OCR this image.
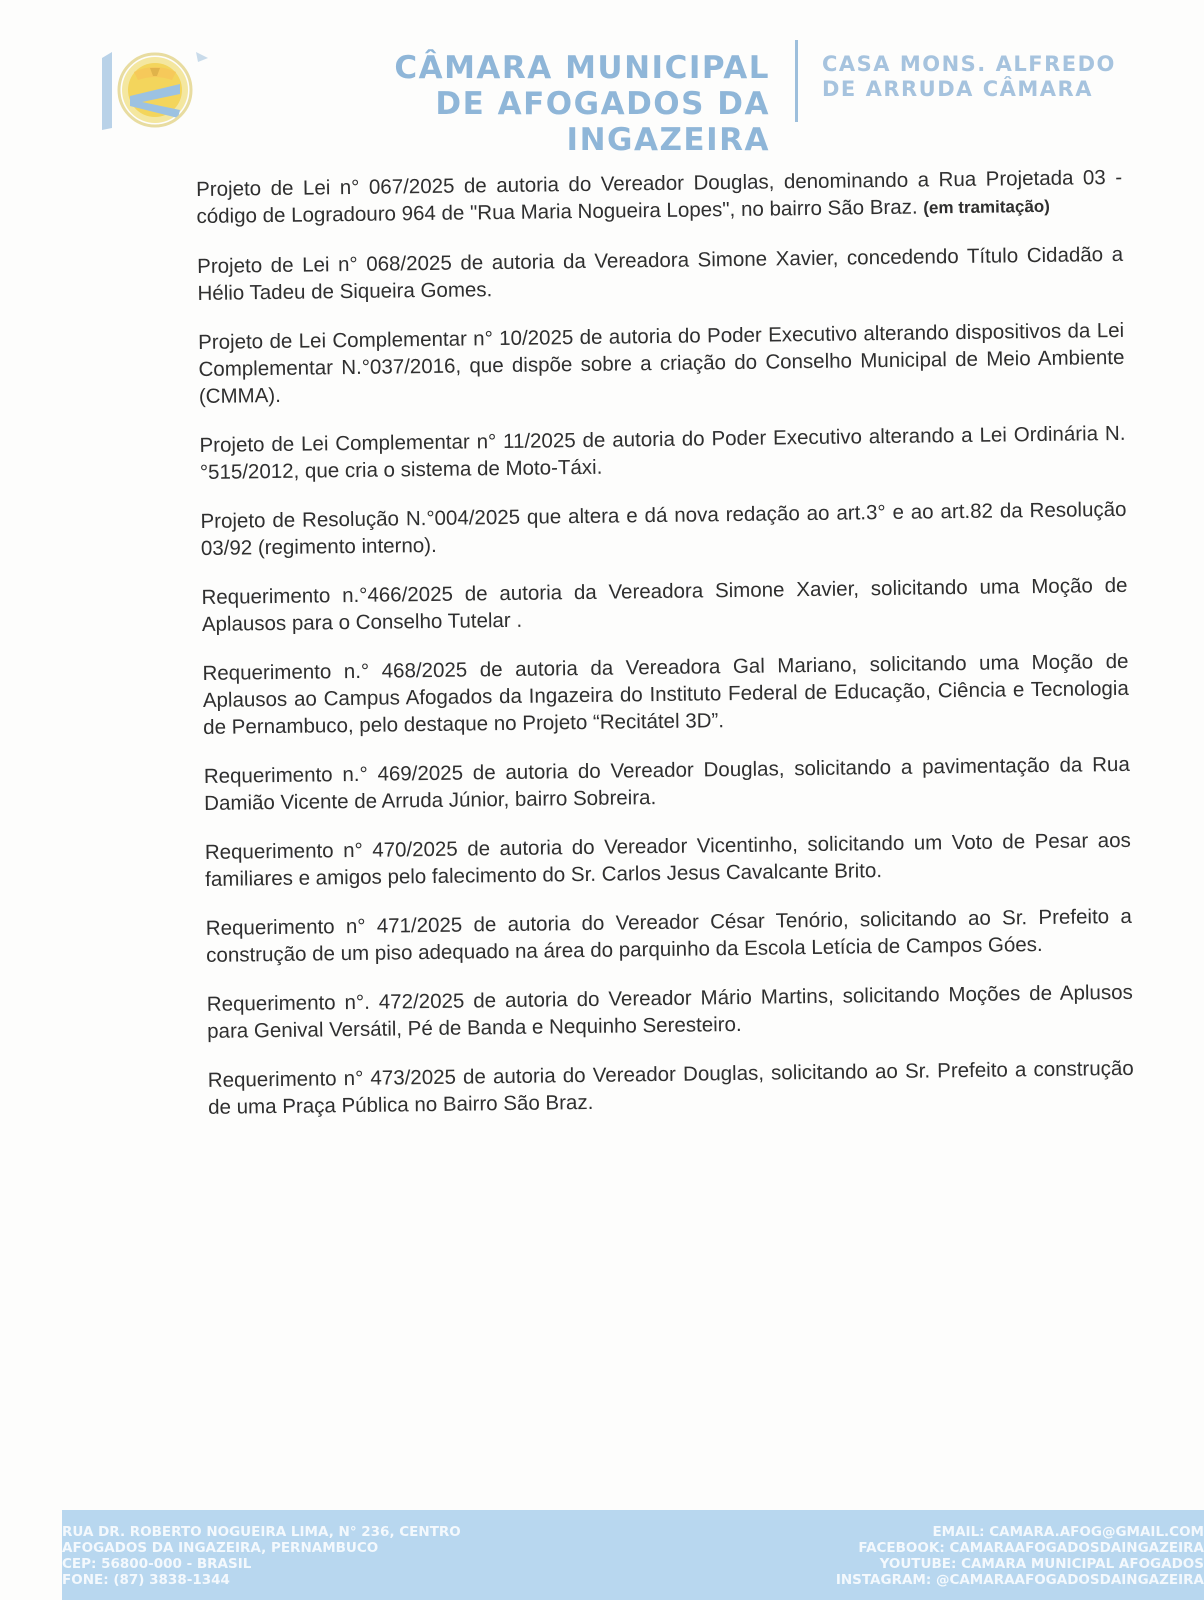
CÂMARA MUNICIPAL
DE AFOGADOS DA INGAZEIRA
CASA MONS. ALFREDO
DE ARRUDA CÂMARA

Projeto de Lei n° 067/2025 de autoria do Vereador Douglas, denominando a Rua Projetada 03 - código de Logradouro 964 de "Rua Maria Nogueira Lopes", no bairro São Braz. (em tramitação)

Projeto de Lei n° 068/2025 de autoria da Vereadora Simone Xavier, concedendo Título Cidadão a Hélio Tadeu de Siqueira Gomes.

Projeto de Lei Complementar n° 10/2025 de autoria do Poder Executivo alterando dispositivos da Lei Complementar N.°037/2016, que dispõe sobre a criação do Conselho Municipal de Meio Ambiente (CMMA).

Projeto de Lei Complementar n° 11/2025 de autoria do Poder Executivo alterando a Lei Ordinária N.°515/2012, que cria o sistema de Moto-Táxi.

Projeto de Resolução N.°004/2025 que altera e dá nova redação ao art.3° e ao art.82 da Resolução 03/92 (regimento interno).

Requerimento n.°466/2025 de autoria da Vereadora Simone Xavier, solicitando uma Moção de Aplausos para o Conselho Tutelar .

Requerimento n.° 468/2025 de autoria da Vereadora Gal Mariano, solicitando uma Moção de Aplausos ao Campus Afogados da Ingazeira do Instituto Federal de Educação, Ciência e Tecnologia de Pernambuco, pelo destaque no Projeto “Recitátel 3D”.

Requerimento n.° 469/2025 de autoria do Vereador Douglas, solicitando a pavimentação da Rua Damião Vicente de Arruda Júnior, bairro Sobreira.

Requerimento n° 470/2025 de autoria do Vereador Vicentinho, solicitando um Voto de Pesar aos familiares e amigos pelo falecimento do Sr. Carlos Jesus Cavalcante Brito.

Requerimento n° 471/2025 de autoria do Vereador César Tenório, solicitando ao Sr. Prefeito a construção de um piso adequado na área do parquinho da Escola Letícia de Campos Góes.

Requerimento n°. 472/2025 de autoria do Vereador Mário Martins, solicitando Moções de Aplusos para Genival Versátil, Pé de Banda e Nequinho Seresteiro.

Requerimento n° 473/2025 de autoria do Vereador Douglas, solicitando ao Sr. Prefeito a construção de uma Praça Pública no Bairro São Braz.

RUA DR. ROBERTO NOGUEIRA LIMA, N° 236, CENTRO
AFOGADOS DA INGAZEIRA, PERNAMBUCO
CEP: 56800-000 - BRASIL
FONE: (87) 3838-1344
EMAIL: CAMARA.AFOG@GMAIL.COM
FACEBOOK: CAMARAAFOGADOSDAINGAZEIRA
YOUTUBE: CAMARA MUNICIPAL AFOGADOS
INSTAGRAM: @CAMARAAFOGADOSDAINGAZEIRA
